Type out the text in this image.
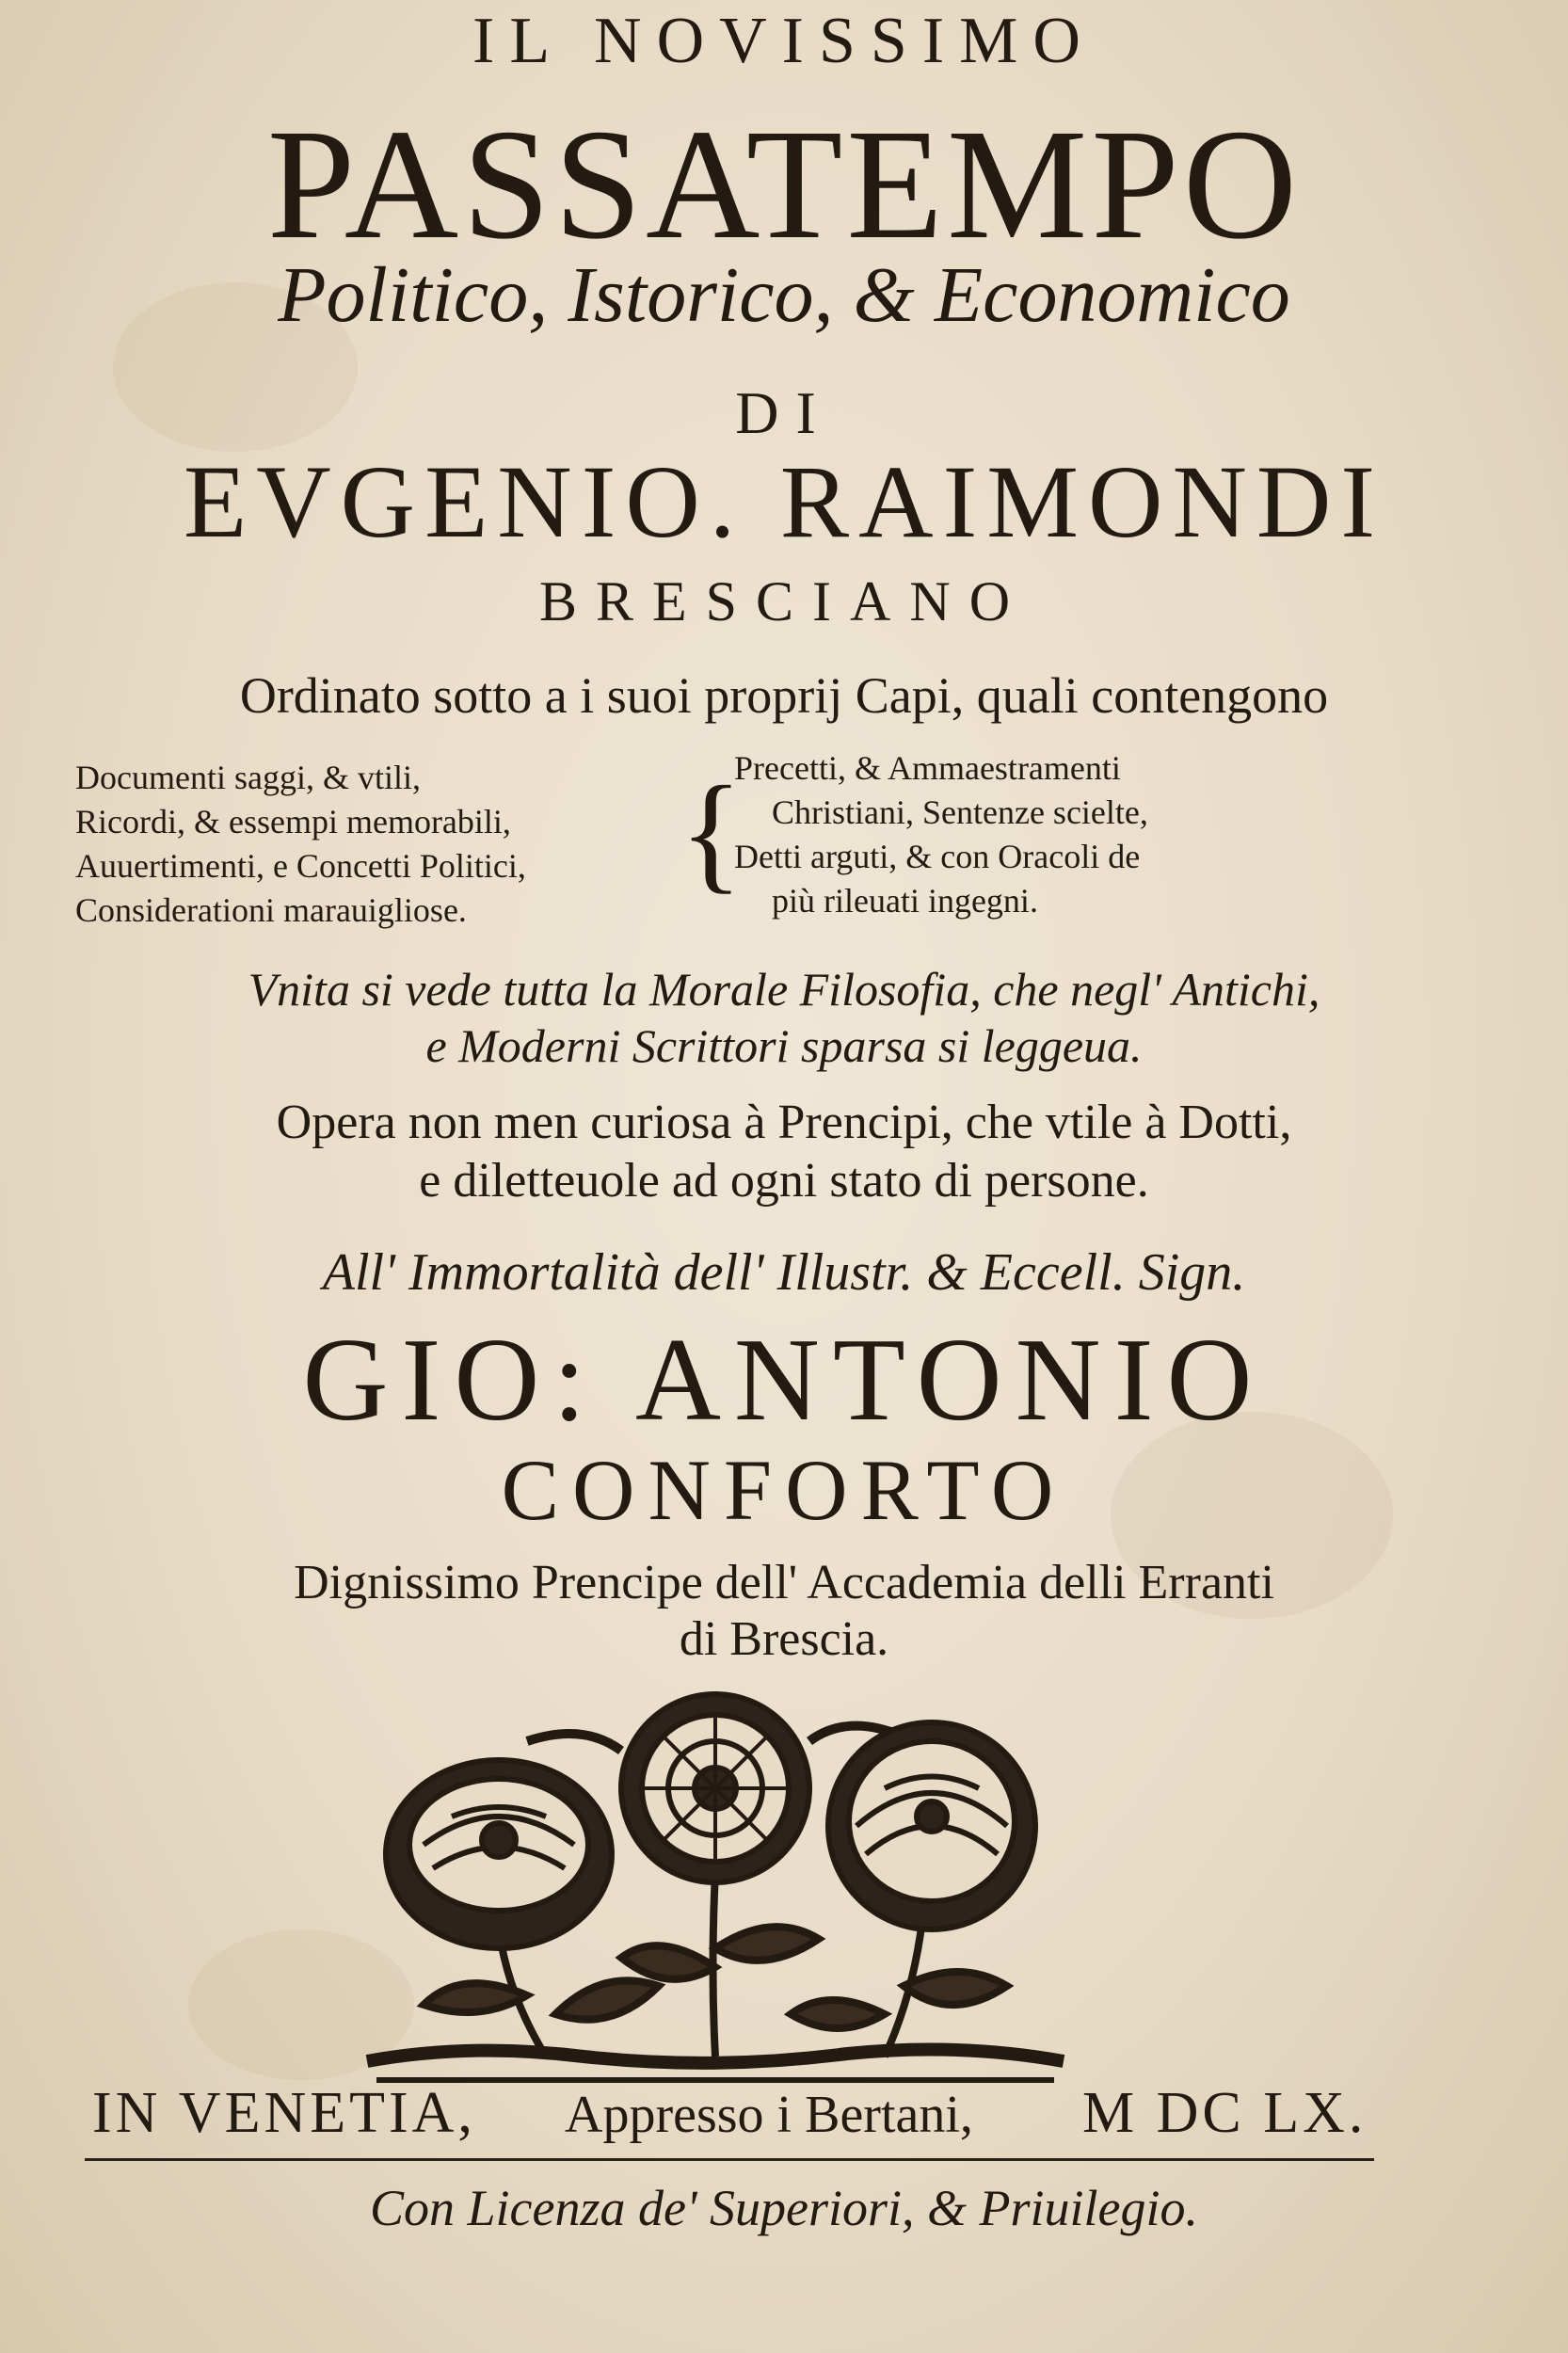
IL NOVISSIMO
PASSATEMPO
Politico, Istorico, & Economico
DI
EVGENIO. RAIMONDI
BRESCIANO
Ordinato sotto a i suoi proprij Capi, quali contengono
Documenti saggi, & vtili,
Ricordi, & essempi memorabili,
Auuertimenti, e Concetti Politici,
Considerationi marauigliose.
{
Precetti, & Ammaestramenti
Christiani, Sentenze scielte,
Detti arguti, & con Oracoli de
più rileuati ingegni.
Vnita si vede tutta la Morale Filosofia, che negl' Antichi,
e Moderni Scrittori sparsa si leggeua.
Opera non men curiosa à Prencipi, che vtile à Dotti,
e diletteuole ad ogni stato di persone.
All' Immortalità dell' Illustr. & Eccell. Sign.
GIO: ANTONIO
CONFORTO
Dignissimo Prencipe dell' Accademia delli Erranti
di Brescia.
IN VENETIA, Appresso i Bertani, M DC LX.
Con Licenza de' Superiori, & Priuilegio.
